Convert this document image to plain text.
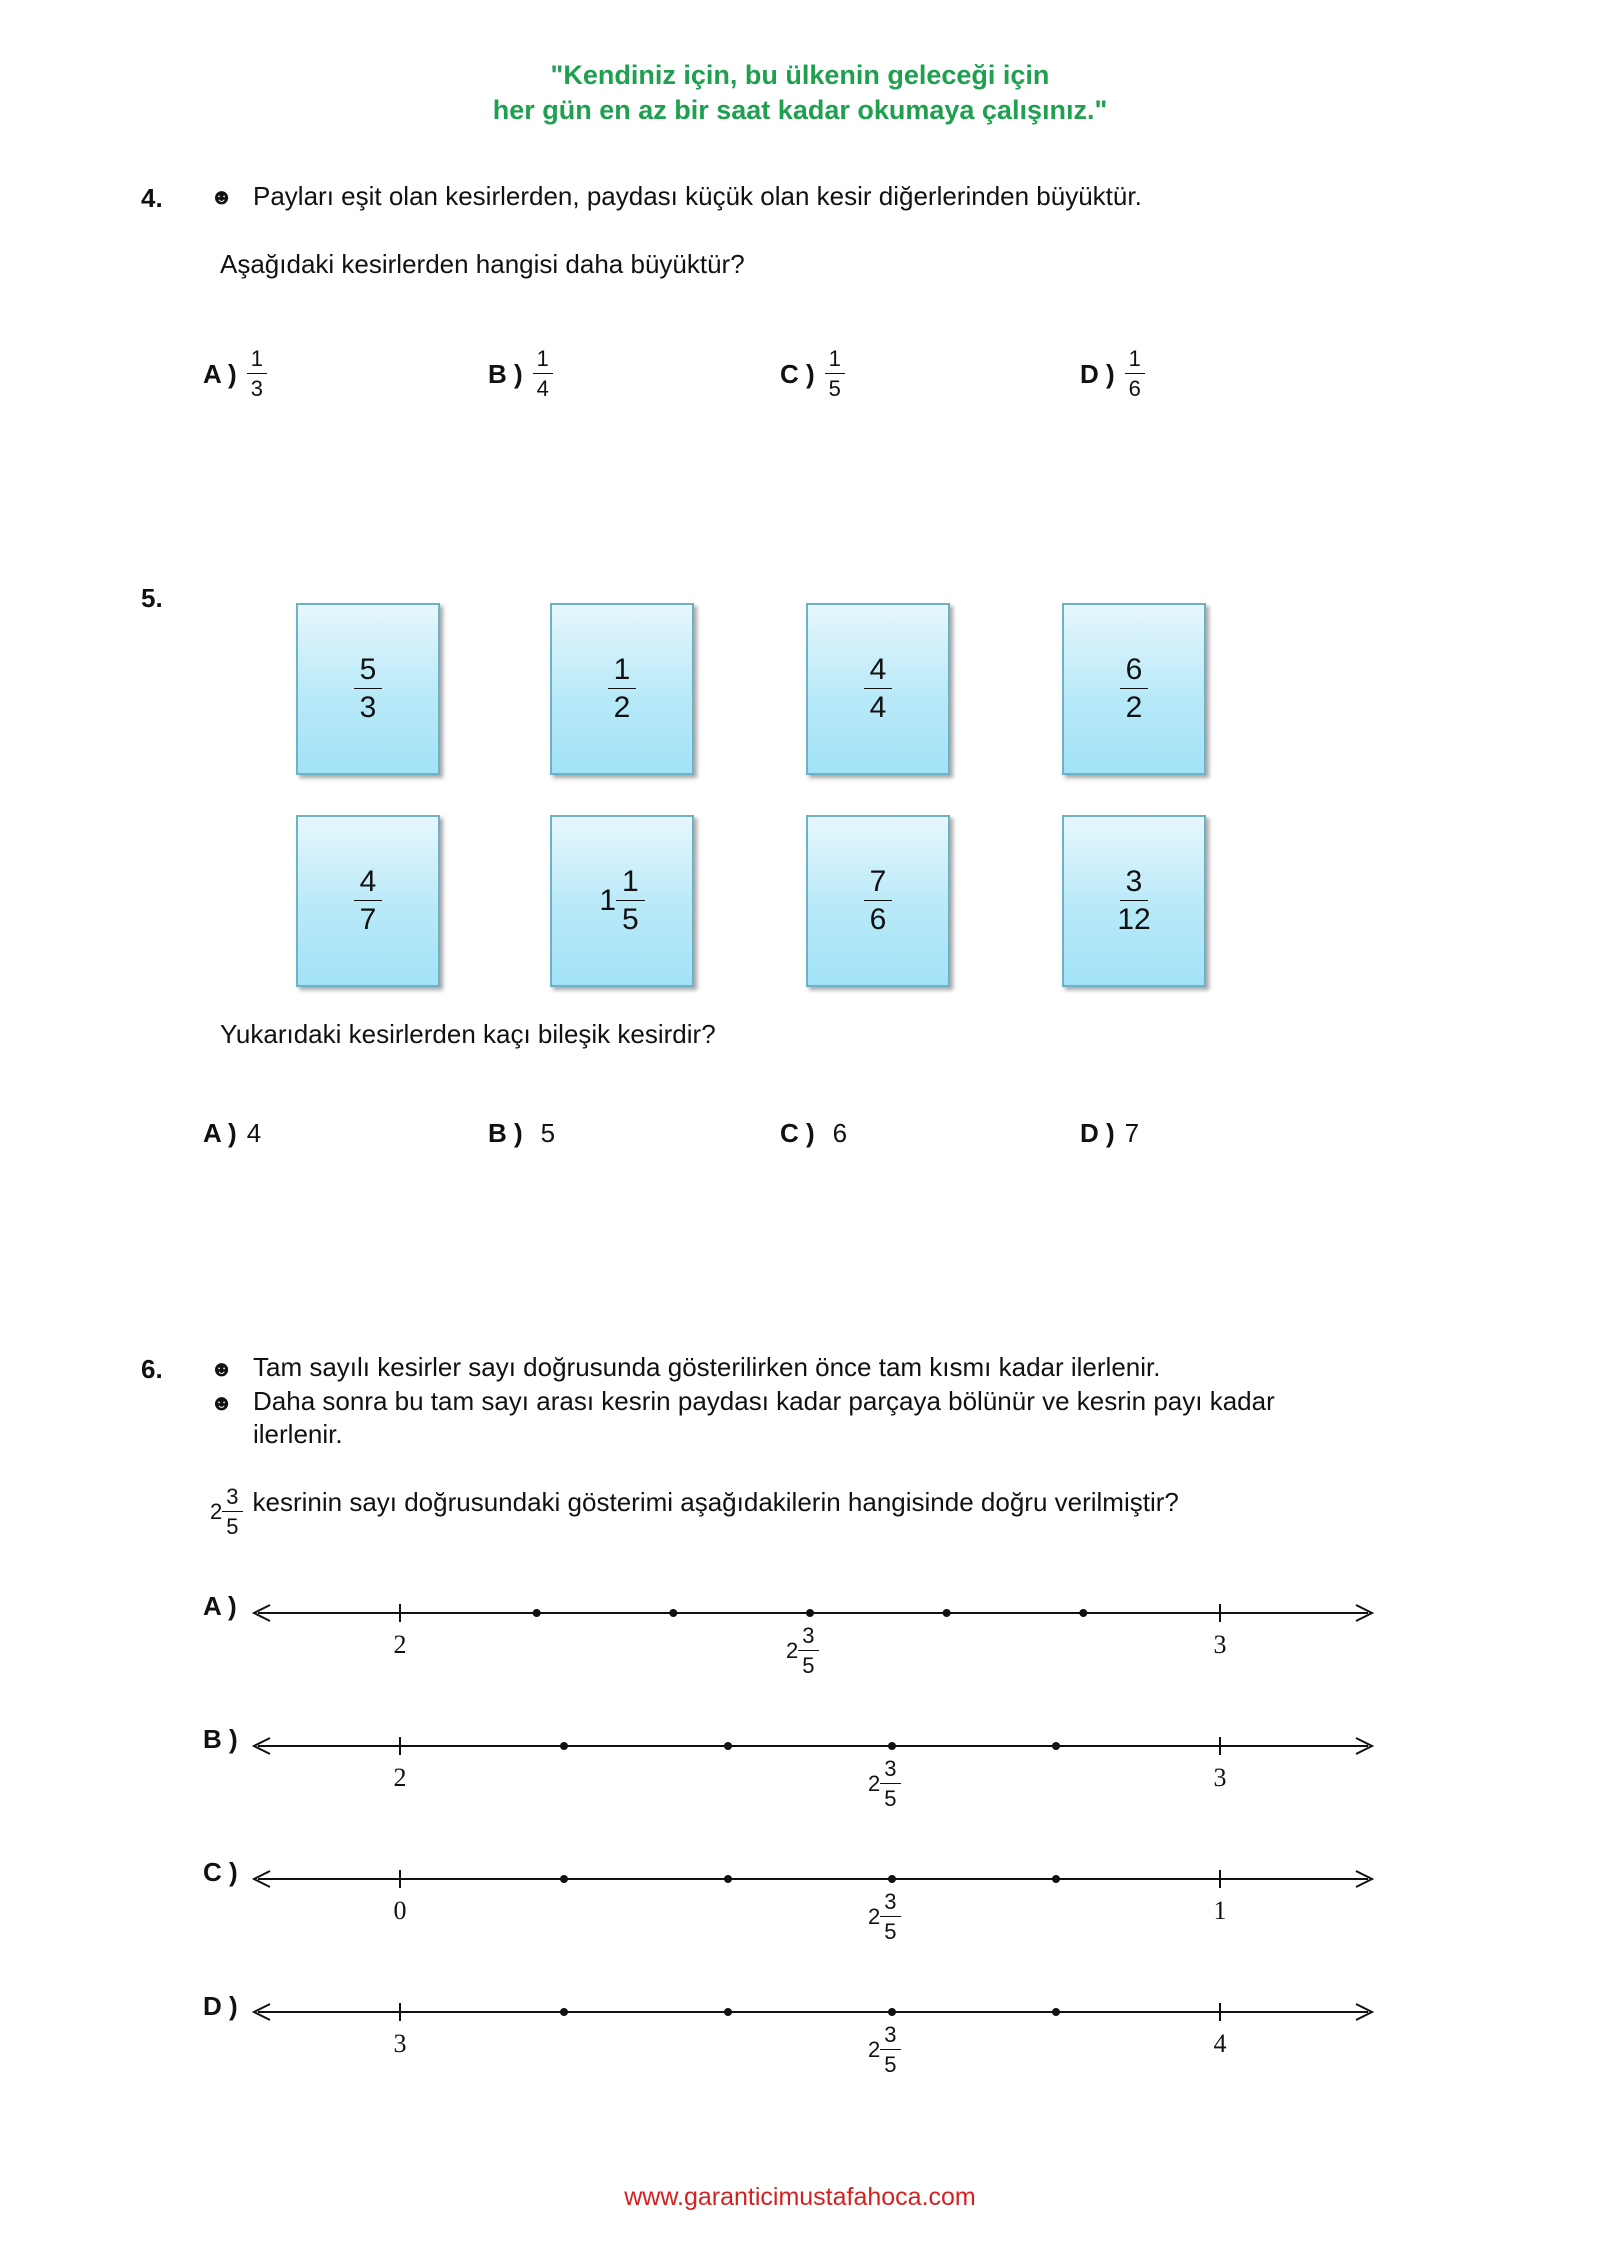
"Kendiniz için, bu ülkenin geleceği için
her gün en az bir saat kadar okumaya çalışınız."
4. ☻ Payları eşit olan kesirlerden, paydası küçük olan kesir diğerlerinden büyüktür.
Aşağıdaki kesirlerden hangisi daha büyüktür?
A ) $\frac{1}{3}$	B ) $\frac{1}{4}$	C ) $\frac{1}{5}$	D ) $\frac{1}{6}$
5.
$\frac{5}{3}$	$\frac{1}{2}$	$\frac{4}{4}$	$\frac{6}{2}$
$\frac{4}{7}$	$1 \frac{1}{5}$	$\frac{7}{6}$	$\frac{3}{12}$
Yukarıdaki kesirlerden kaçı bileşik kesirdir?
A ) 4	B ) 5	C ) 6	D ) 7
6. ☻ Tam sayılı kesirler sayı doğrusunda gösterilirken önce tam kısmı kadar ilerlenir.
☻ Daha sonra bu tam sayı arası kesrin paydası kadar parçaya bölünür ve kesrin payı kadar
ilerlenir.
$2 \frac{3}{5}$ kesrinin sayı doğrusundaki gösterimi aşağıdakilerin hangisinde doğru verilmiştir?
A )
B )
C )
D )
2	3
2	3
0	1
3	4
$2 \frac{3}{5}$
$2 \frac{3}{5}$
$2 \frac{3}{5}$
$2 \frac{3}{5}$
www.garanticimustafahoca.com
